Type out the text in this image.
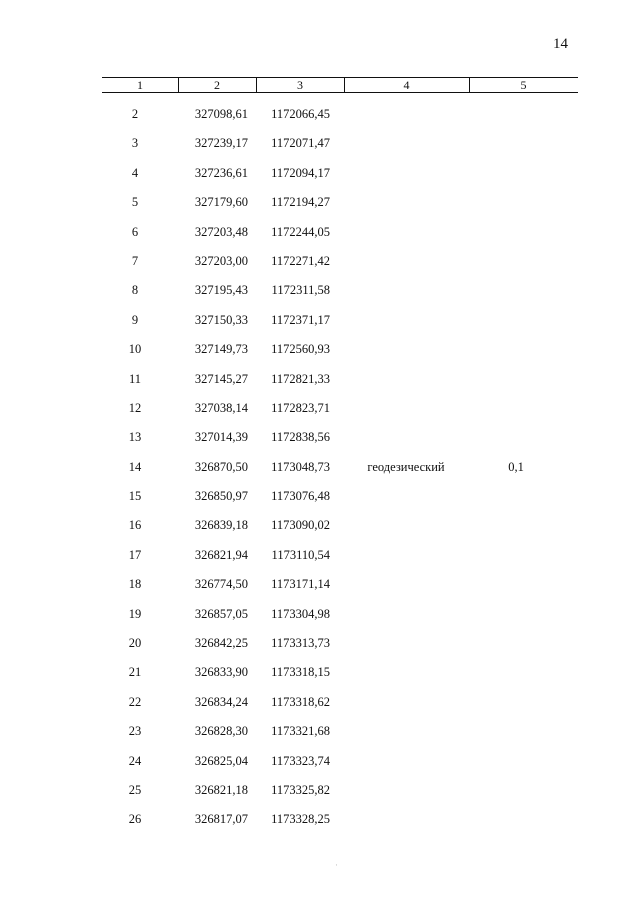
14
1	2	3	4	5
2	327098,61	1172066,45
3	327239,17	1172071,47
4	327236,61	1172094,17
5	327179,60	1172194,27
6	327203,48	1172244,05
7	327203,00	1172271,42
8	327195,43	1172311,58
9	327150,33	1172371,17
10	327149,73	1172560,93
11	327145,27	1172821,33
12	327038,14	1172823,71
13	327014,39	1172838,56
14	326870,50	1173048,73	геодезический	0,1
15	326850,97	1173076,48
16	326839,18	1173090,02
17	326821,94	1173110,54
18	326774,50	1173171,14
19	326857,05	1173304,98
20	326842,25	1173313,73
21	326833,90	1173318,15
22	326834,24	1173318,62
23	326828,30	1173321,68
24	326825,04	1173323,74
25	326821,18	1173325,82
26	326817,07	1173328,25
·
